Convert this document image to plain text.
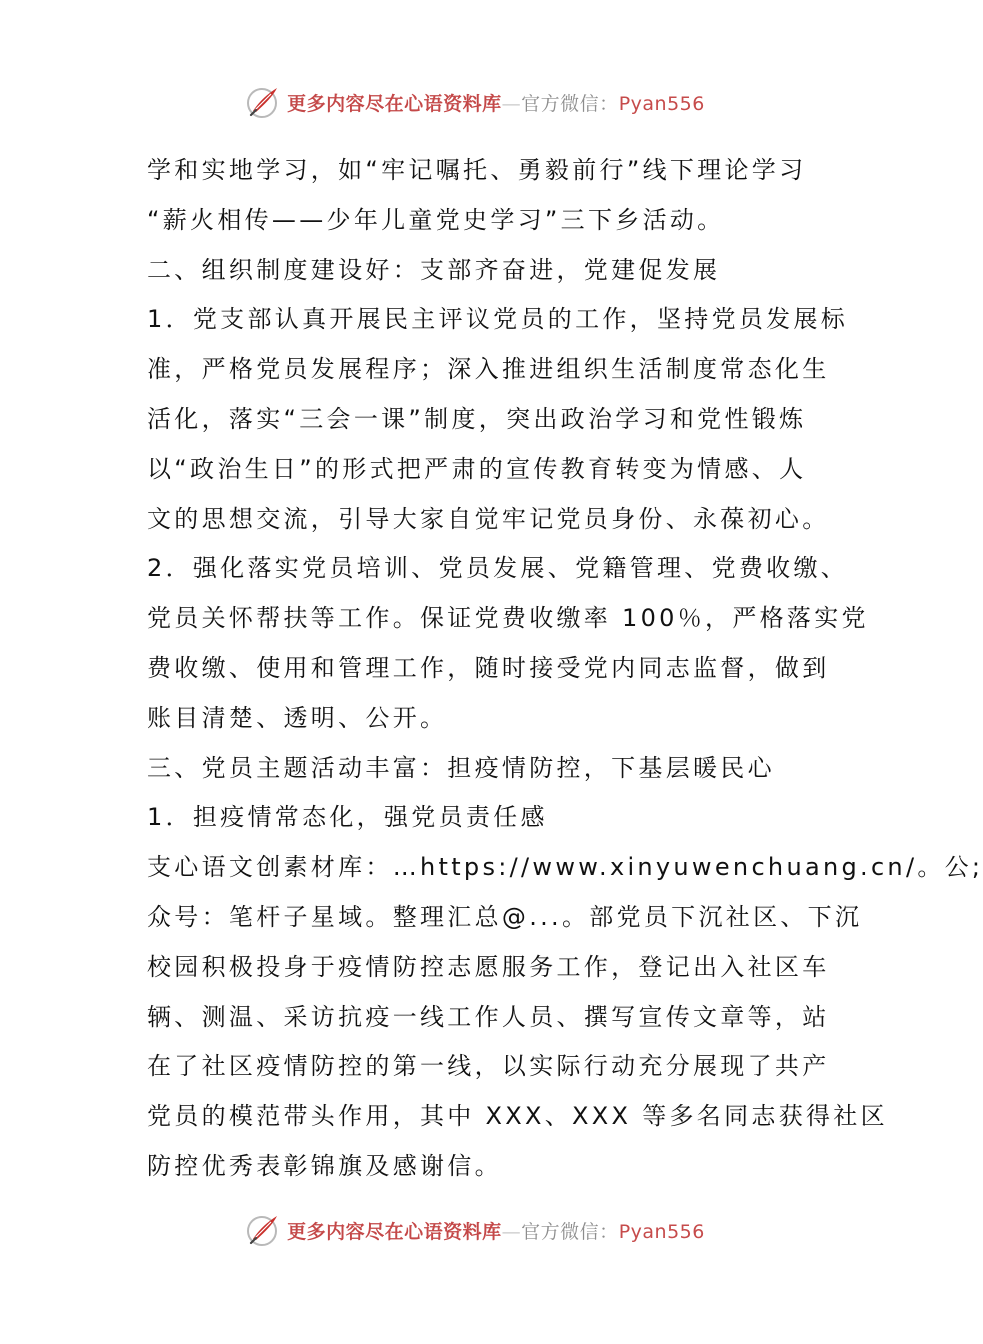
更多内容尽在心语资料库—官方微信：Pyan556
学和实地学习，如“牢记嘱托、勇毅前行”线下理论学习
“薪火相传——少年儿童党史学习”三下乡活动。
二、组织制度建设好：支部齐奋进，党建促发展
1．党支部认真开展民主评议党员的工作，坚持党员发展标
准，严格党员发展程序；深入推进组织生活制度常态化生
活化，落实“三会一课”制度，突出政治学习和党性锻炼
以“政治生日”的形式把严肃的宣传教育转变为情感、人
文的思想交流，引导大家自觉牢记党员身份、永葆初心。
2．强化落实党员培训、党员发展、党籍管理、党费收缴、
党员关怀帮扶等工作。保证党费收缴率 100％，严格落实党
费收缴、使用和管理工作，随时接受党内同志监督，做到
账目清楚、透明、公开。
三、党员主题活动丰富：担疫情防控，下基层暖民心
1．担疫情常态化，强党员责任感
支心语文创素材库：…https://www.xinyuwenchuang.cn/。公;
众号：笔杆子星域。整理汇总@...。部党员下沉社区、下沉
校园积极投身于疫情防控志愿服务工作，登记出入社区车
辆、测温、采访抗疫一线工作人员、撰写宣传文章等，站
在了社区疫情防控的第一线，以实际行动充分展现了共产
党员的模范带头作用，其中 XXX、XXX 等多名同志获得社区
防控优秀表彰锦旗及感谢信。
更多内容尽在心语资料库—官方微信：Pyan556
